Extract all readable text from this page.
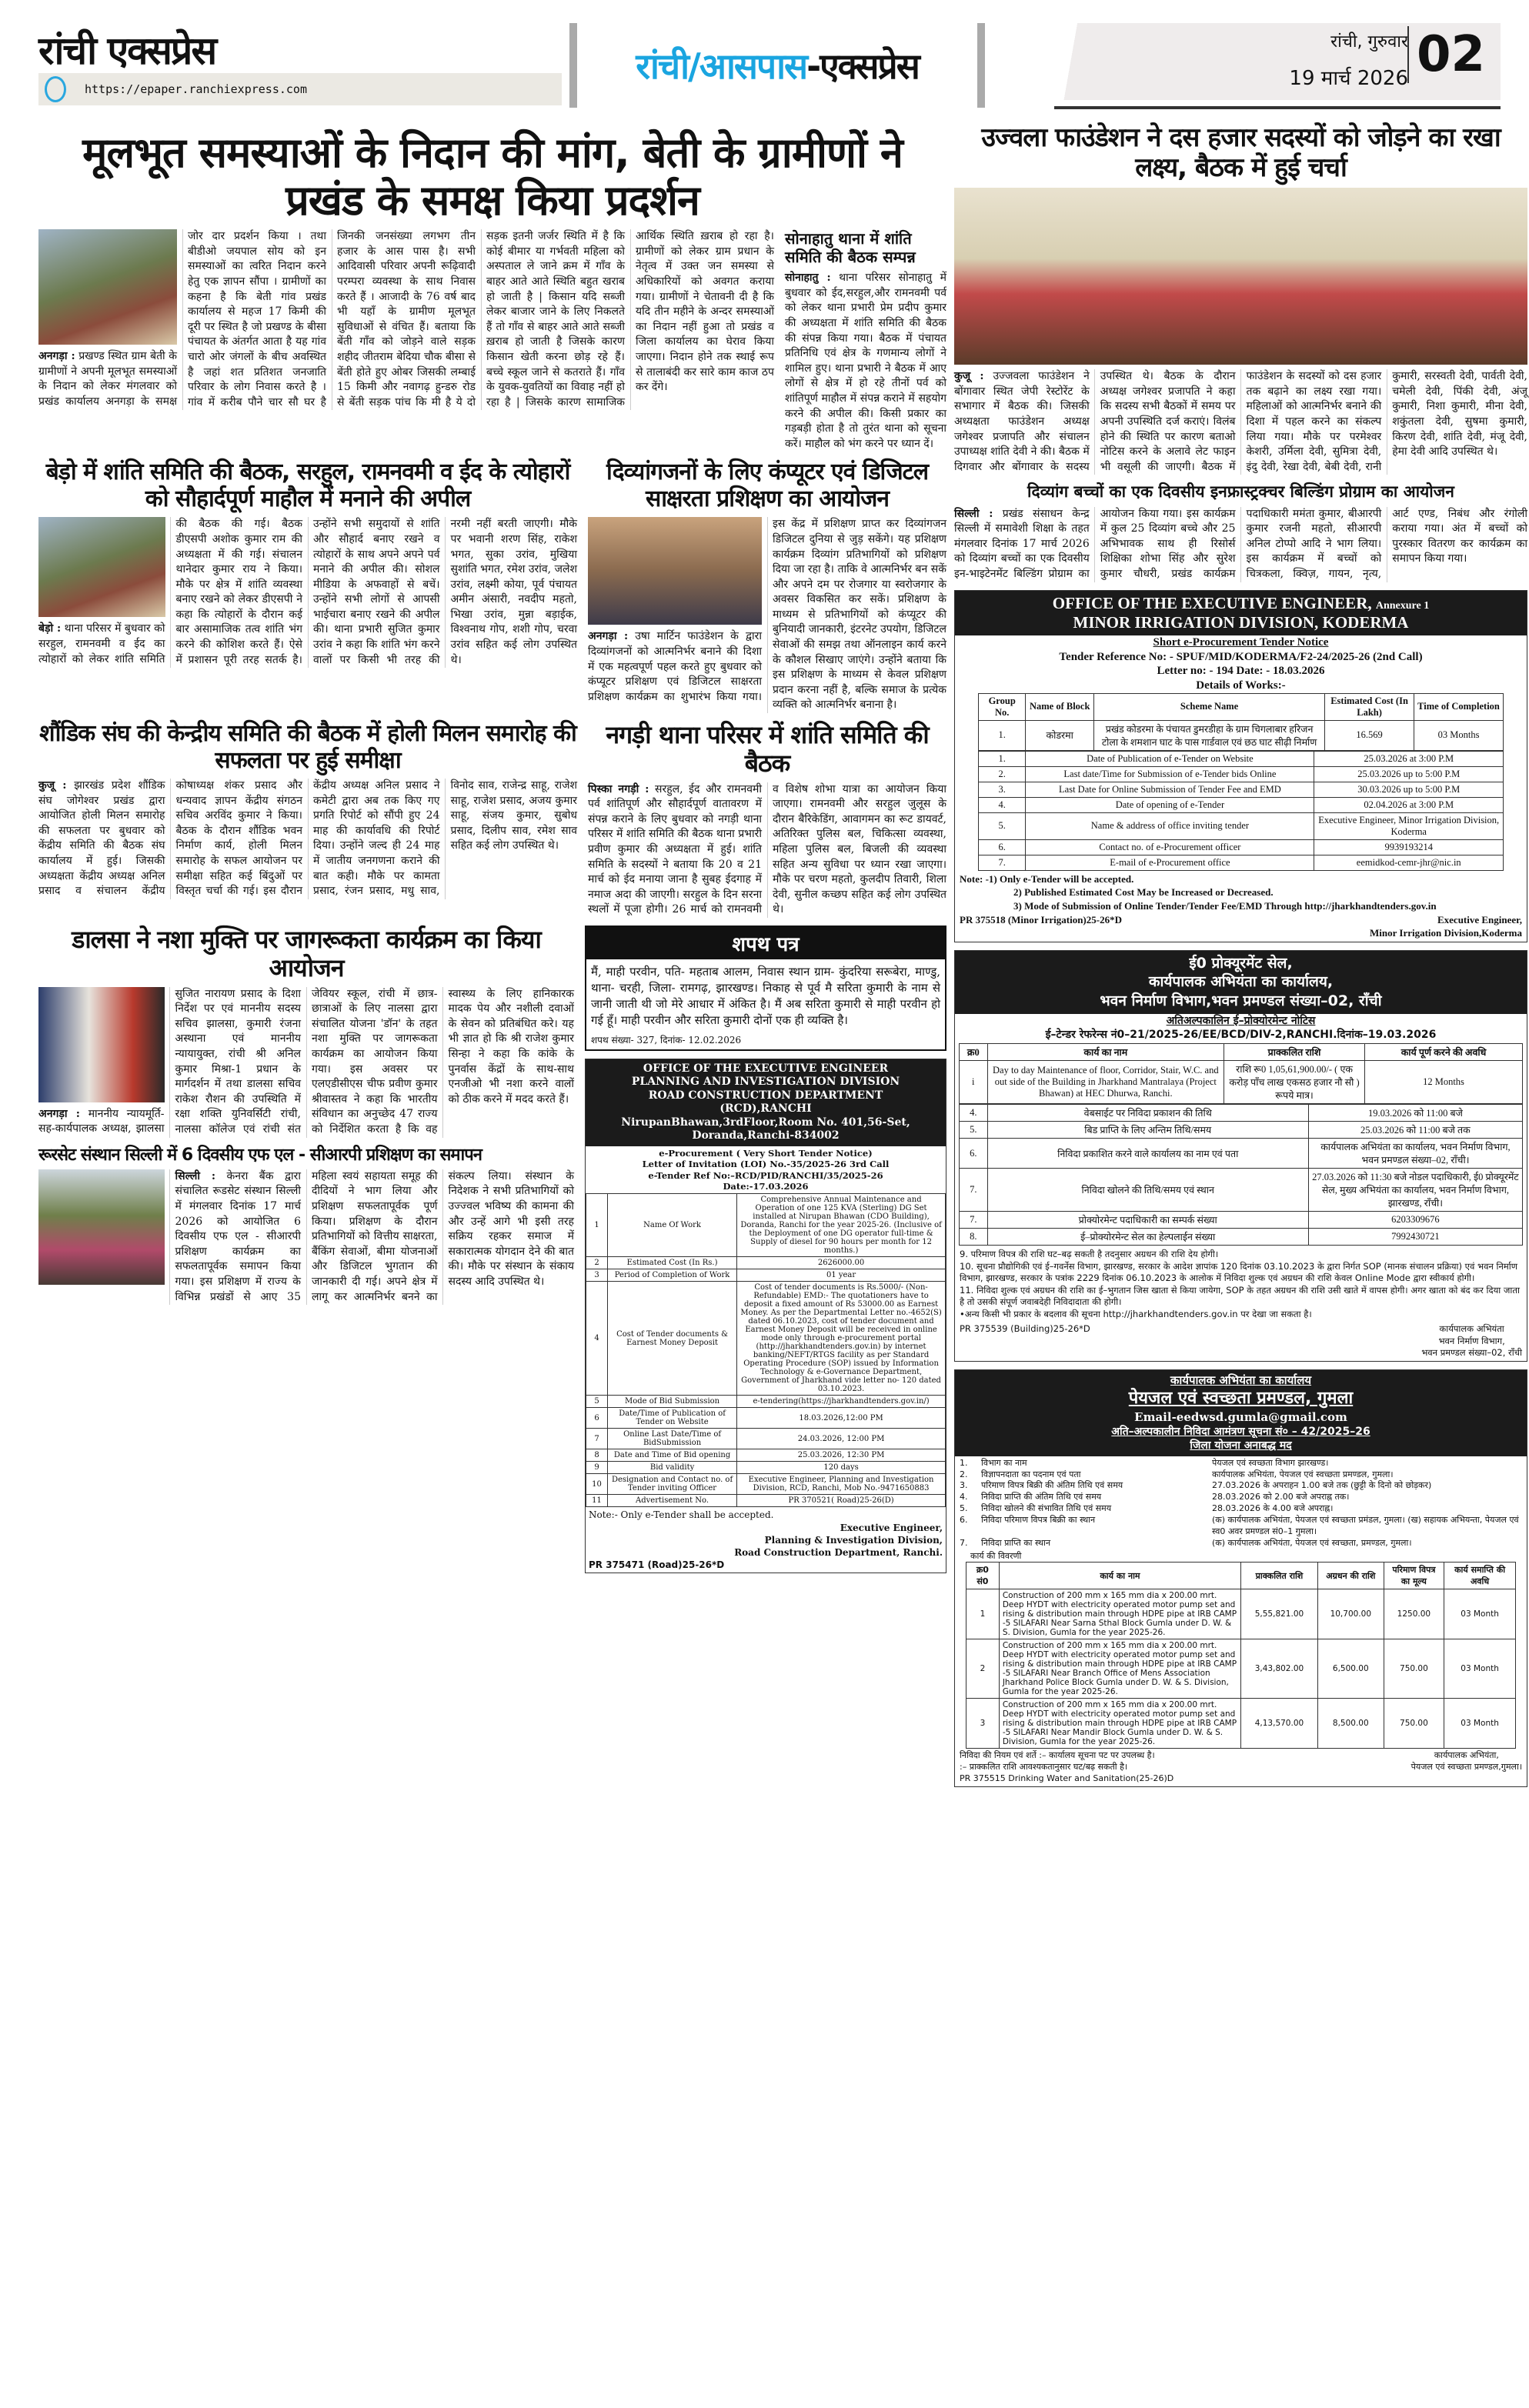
रांची एक्सप्रेस
https://epaper.ranchiexpress.com
रांची/आसपास -एक्सप्रेस
रांची, गुरुवार
19 मार्च 2026 02
मूलभूत समस्याओं के निदान की मांग, बेती के ग्रामीणों ने प्रखंड के समक्ष किया प्रदर्शन

अनगड़ा : प्रखण्ड स्थित ग्राम बेती के ग्रामीणों ने अपनी मूलभूत समस्याओं के निदान को लेकर मंगलवार को प्रखंड कार्यालय अनगड़ा के समक्ष जोर दार प्रदर्शन किया । तथा बीडीओ जयपाल सोय को इन समस्याओं का त्वरित निदान करने हेतु एक ज्ञापन सौंपा । ग्रामीणों का कहना है कि बेती गांव प्रखंड कार्यालय से महज 17 किमी की दूरी पर स्थित है जो प्रखण्ड के बीसा पंचायत के अंतर्गत आता है यह गांव चारो ओर जंगलों के बीच अवस्थित है जहां शत प्रतिशत जनजाति परिवार के लोग निवास करते है । गांव में करीब पौने चार सौ घर है जिनकी जनसंख्या लगभग तीन हजार के आस पास है। सभी आदिवासी परिवार अपनी रूढ़िवादी परम्परा व्यवस्था के साथ निवास करते हैं । आजादी के 76 वर्ष बाद भी यहाँ के ग्रामीण मूलभूत सुविधाओं से वंचित हैं। बताया कि बेंती गाँव को जोड़ने वाले सड़क शहीद जीतराम बेदिया चौक बीसा से बेंती होते हुए ओबर जिसकी लम्बाई 15 किमी और नवागढ़ हुन्डरु रोड से बेंती सड़क पांच कि मी है ये दो सड़क इतनी जर्जर स्थिति में है कि कोई बीमार या गर्भवती महिला को अस्पताल ले जाने क्रम में गाँव के बाहर आते आते स्थिति बहुत खराब हो जाती है | किसान यदि सब्जी लेकर बाजार जाने के लिए निकलते हैं तो गाँव से बाहर आते आते सब्जी ख़राब हो जाती है जिसके कारण किसान खेती करना छोड़ रहे हैं। बच्चे स्कूल जाने से कतराते हैं। गाँव के युवक-युवतियों का विवाह नहीं हो रहा है | जिसके कारण सामाजिक आर्थिक स्थिति ख़राब हो रहा है। ग्रामीणों को लेकर ग्राम प्रधान के नेतृत्व में उक्त जन समस्या से अधिकारियों को अवगत कराया गया। ग्रामीणों ने चेतावनी दी है कि यदि तीन महीने के अन्दर समस्याओं का निदान नहीं हुआ तो प्रखंड व जिला कार्यालय का घेराव किया जाएगा। निदान होने तक स्थाई रूप से तालाबंदी कर सारे काम काज ठप कर देंगे।

सोनाहातु थाना में शांति समिति की बैठक सम्पन्न

सोनाहातु : थाना परिसर सोनाहातु में बुधवार को ईद,सरहुल,और रामनवमी पर्व को लेकर थाना प्रभारी प्रेम प्रदीप कुमार की अध्यक्षता में शांति समिति की बैठक की संपन्न किया गया। बैठक में पंचायत प्रतिनिधि एवं क्षेत्र के गणमान्य लोगों ने शामिल हुए। थाना प्रभारी ने बैठक में आए लोगों से क्षेत्र में हो रहे तीनों पर्व को शांतिपूर्ण माहौल में संपन्न कराने में सहयोग करने की अपील की। किसी प्रकार का गड़बड़ी होता है तो तुरंत थाना को सूचना करें। माहौल को भंग करने पर ध्यान दें।

बेड़ो में शांति समिति की बैठक, सरहुल, रामनवमी व ईद के त्योहारों को सौहार्दपूर्ण माहौल में मनाने की अपील

बेड़ो : थाना परिसर में बुधवार को सरहुल, रामनवमी व ईद का त्योहारों को लेकर शांति समिति की बैठक की गई। बैठक डीएसपी अशोक कुमार राम की अध्यक्षता में की गई। संचालन थानेदार कुमार राय ने किया। मौके पर क्षेत्र में शांति व्यवस्था बनाए रखने को लेकर डीएसपी ने कहा कि त्योहारों के दौरान कई बार असामाजिक तत्व शांति भंग करने की कोशिश करते हैं। ऐसे में प्रशासन पूरी तरह सतर्क है। उन्होंने सभी समुदायों से शांति और सौहार्द बनाए रखने व त्योहारों के साथ अपने अपने पर्व मनाने की अपील की। सोशल मीडिया के अफवाहों से बचें। उन्होंने सभी लोगों से आपसी भाईचारा बनाए रखने की अपील की। थाना प्रभारी सुजित कुमार उरांव ने कहा कि शांति भंग करने वालों पर किसी भी तरह की नरमी नहीं बरती जाएगी। मौके पर भवानी शरण सिंह, राकेश भगत, सुका उरांव, मुखिया सुशांति भगत, रमेश उरांव, जलेश उरांव, लक्ष्मी कोया, पूर्व पंचायत अमीन अंसारी, नवदीप महतो, भिखा उरांव, मुन्ना बड़ाईक, विश्वनाथ गोप, शशी गोप, चरवा उरांव सहित कई लोग उपस्थित थे।

दिव्यांगजनों के लिए कंप्यूटर एवं डिजिटल साक्षरता प्रशिक्षण का आयोजन

अनगड़ा : उषा मार्टिन फाउंडेशन के द्वारा दिव्यांगजनों को आत्मनिर्भर बनाने की दिशा में एक महत्वपूर्ण पहल करते हुए बुधवार को कंप्यूटर प्रशिक्षण एवं डिजिटल साक्षरता प्रशिक्षण कार्यक्रम का शुभारंभ किया गया। इस केंद्र में प्रशिक्षण प्राप्त कर दिव्यांगजन डिजिटल दुनिया से जुड़ सकेंगे। यह प्रशिक्षण कार्यक्रम दिव्यांग प्रतिभागियों को प्रशिक्षण दिया जा रहा है। ताकि वे आत्मनिर्भर बन सकें और अपने दम पर रोजगार या स्वरोजगार के अवसर विकसित कर सकें। प्रशिक्षण के माध्यम से प्रतिभागियों को कंप्यूटर की बुनियादी जानकारी, इंटरनेट उपयोग, डिजिटल सेवाओं की समझ तथा ऑनलाइन कार्य करने के कौशल सिखाए जाएंगे। उन्होंने बताया कि इस प्रशिक्षण के माध्यम से केवल प्रशिक्षण प्रदान करना नहीं है, बल्कि समाज के प्रत्येक व्यक्ति को आत्मनिर्भर बनाना है।

शौंडिक संघ की केन्द्रीय समिति की बैठक में होली मिलन समारोह की सफलता पर हुई समीक्षा

कुजू : झारखंड प्रदेश शौंडिक संघ जोगेश्वर प्रखंड द्वारा आयोजित होली मिलन समारोह की सफलता पर बुधवार को केंद्रीय समिति की बैठक संघ कार्यालय में हुई। जिसकी अध्यक्षता केंद्रीय अध्यक्ष अनिल प्रसाद व संचालन केंद्रीय कोषाध्यक्ष शंकर प्रसाद और धन्यवाद ज्ञापन केंद्रीय संगठन सचिव अरविंद कुमार ने किया। बैठक के दौरान शौंडिक भवन निर्माण कार्य, होली मिलन समारोह के सफल आयोजन पर समीक्षा सहित कई बिंदुओं पर विस्तृत चर्चा की गई। इस दौरान केंद्रीय अध्यक्ष अनिल प्रसाद ने कमेटी द्वारा अब तक किए गए प्रगति रिपोर्ट को सौंपी हुए 24 माह की कार्यावधि की रिपोर्ट दिया। उन्होंने जल्द ही 24 माह में जातीय जनगणना कराने की बात कही। मौके पर कामता प्रसाद, रंजन प्रसाद, मधु साव, विनोद साव, राजेन्द्र साहू, राजेश साहू, राजेश प्रसाद, अजय कुमार साहू, संजय कुमार, सुबोध प्रसाद, दिलीप साव, रमेश साव सहित कई लोग उपस्थित थे।

नगड़ी थाना परिसर में शांति समिति की बैठक

पिस्का नगड़ी : सरहुल, ईद और रामनवमी पर्व शांतिपूर्ण और सौहार्दपूर्ण वातावरण में संपन्न कराने के लिए बुधवार को नगड़ी थाना परिसर में शांति समिति की बैठक थाना प्रभारी प्रवीण कुमार की अध्यक्षता में हुई। शांति समिति के सदस्यों ने बताया कि 20 व 21 मार्च को ईद मनाया जाना है सुबह ईदगाह में नमाज अदा की जाएगी। सरहुल के दिन सरना स्थलों में पूजा होगी। 26 मार्च को रामनवमी व विशेष शोभा यात्रा का आयोजन किया जाएगा। रामनवमी और सरहुल जुलूस के दौरान बैरिकेडिंग, आवागमन का रूट डायवर्ट, अतिरिक्त पुलिस बल, चिकित्सा व्यवस्था, महिला पुलिस बल, बिजली की व्यवस्था सहित अन्य सुविधा पर ध्यान रखा जाएगा। मौके पर चरण महतो, कुलदीप तिवारी, शिला देवी, सुनील कच्छप सहित कई लोग उपस्थित थे।

डालसा ने नशा मुक्ति पर जागरूकता कार्यक्रम का किया आयोजन

अनगड़ा : माननीय न्यायमूर्ति-सह-कार्यपालक अध्यक्ष, झालसा सुजित नारायण प्रसाद के दिशा निर्देश पर एवं माननीय सदस्य सचिव झालसा, कुमारी रंजना अस्थाना एवं माननीय न्यायायुक्त, रांची श्री अनिल कुमार मिश्रा-1 प्रधान के मार्गदर्शन में तथा डालसा सचिव राकेश रौशन की उपस्थिति में रक्षा शक्ति युनिवर्सिटी रांची, नालसा कॉलेज एवं रांची संत जेवियर स्कूल, रांची में छात्र-छात्राओं के लिए नालसा द्वारा संचालित योजना 'डॉन' के तहत नशा मुक्ति पर जागरूकता कार्यक्रम का आयोजन किया गया। इस अवसर पर एलएडीसीएस चीफ प्रवीण कुमार श्रीवास्तव ने कहा कि भारतीय संविधान का अनुच्छेद 47 राज्य को निर्देशित करता है कि वह स्वास्थ्य के लिए हानिकारक मादक पेय और नशीली दवाओं के सेवन को प्रतिबंधित करे। यह भी ज्ञात हो कि श्री राजेश कुमार सिन्हा ने कहा कि कांके के पुनर्वास केंद्रों के साथ-साथ एनजीओ भी नशा करने वालों को ठीक करने में मदद करते हैं।

रूरसेट संस्थान सिल्ली में 6 दिवसीय एफ एल - सीआरपी प्रशिक्षण का समापन

सिल्ली : केनरा बैंक द्वारा संचालित रूडसेट संस्थान सिल्ली में मंगलवार दिनांक 17 मार्च 2026 को आयोजित 6 दिवसीय एफ एल - सीआरपी प्रशिक्षण कार्यक्रम का सफलतापूर्वक समापन किया गया। इस प्रशिक्षण में राज्य के विभिन्न प्रखंडों से आए 35 महिला स्वयं सहायता समूह की दीदियों ने भाग लिया और प्रशिक्षण सफलतापूर्वक पूर्ण किया। प्रशिक्षण के दौरान प्रतिभागियों को वित्तीय साक्षरता, बैंकिंग सेवाओं, बीमा योजनाओं और डिजिटल भुगतान की जानकारी दी गई। अपने क्षेत्र में लागू कर आत्मनिर्भर बनने का संकल्प लिया। संस्थान के निदेशक ने सभी प्रतिभागियों को उज्ज्वल भविष्य की कामना की और उन्हें आगे भी इसी तरह सक्रिय रहकर समाज में सकारात्मक योगदान देने की बात की। मौके पर संस्थान के संकाय सदस्य आदि उपस्थित थे।

शपथ पत्र
मैं, माही परवीन, पति- महताब आलम, निवास स्थान ग्राम- कुंदरिया सरूबेरा, माण्डु, थाना- चरही, जिला- रामगढ़, झारखण्ड। निकाह से पूर्व मै सरिता कुमारी के नाम से जानी जाती थी जो मेरे आधार में अंकित है। मैं अब सरिता कुमारी से माही परवीन हो गई हूँ। माही परवीन और सरिता कुमारी दोनों एक ही व्यक्ति है।
शपथ संख्या- 327, दिनांक- 12.02.2026
OFFICE OF THE EXECUTIVE ENGINEER
PLANNING AND INVESTIGATION DIVISION
ROAD CONSTRUCTION DEPARTMENT
(RCD),RANCHI
NirupanBhawan,3rdFloor,Room No. 401,56-Set,
Doranda,Ranchi-834002
e-Procurement ( Very Short Tender Notice)
Letter of Invitation (LOI) No.-35/2025-26 3rd Call
e-Tender Ref No:–RCD/PID/RANCHI/35/2025-26
Date:-17.03.2026
1	Name Of Work	Comprehensive Annual Maintenance and Operation of one 125 KVA (Sterling) DG Set installed at Nirupan Bhawan (CDO Building), Doranda, Ranchi for the year 2025-26. (Inclusive of the Deployment of one DG operator full-time & Supply of diesel for 90 hours per month for 12 months.)
2	Estimated Cost (In Rs.)	2626000.00
3	Period of Completion of Work	01 year
4	Cost of Tender documents & Earnest Money Deposit	Cost of tender documents is Rs.5000/- (Non-Refundable) EMD:- The quotationers have to deposit a fixed amount of Rs 53000.00 as Earnest Money. As per the Departmental Letter no.-4652(S) dated 06.10.2023, cost of tender document and Earnest Money Deposit will be received in online mode only through e-procurement portal (http://jharkhandtenders.gov.in) by internet banking/NEFT/RTGS facility as per Standard Operating Procedure (SOP) issued by Information Technology & e-Governance Department, Government of Jharkhand vide letter no- 120 dated 03.10.2023.
5	Mode of Bid Submission	e-tendering(https://jharkhandtenders.gov.in/)
6	Date/Time of Publication of Tender on Website	18.03.2026,12:00 PM
7	Online Last Date/Time of BidSubmission	24.03.2026, 12:00 PM
8	Date and Time of Bid opening	25.03.2026, 12:30 PM
9	Bid validity	120 days
10	Designation and Contact no. of Tender inviting Officer	Executive Engineer, Planning and Investigation Division, RCD, Ranchi, Mob No.-9471650883
11	Advertisement No.	PR 370521( Road)25-26(D)
Note:- Only e-Tender shall be accepted.
Executive Engineer,
Planning & Investigation Division,
Road Construction Department, Ranchi.
PR 375471 (Road)25-26*D
उज्वला फाउंडेशन ने दस हजार सदस्यों को जोड़ने का रखा लक्ष्य, बैठक में हुई चर्चा

कुजू : उज्जवला फाउंडेशन ने बोंगावार स्थित जेपी रेस्टोरेंट के सभागार में बैठक की। जिसकी अध्यक्षता फाउंडेशन अध्यक्ष जगेश्वर प्रजापति और संचालन उपाध्यक्ष शांति देवी ने की। बैठक में दिगवार और बोंगावार के सदस्य उपस्थित थे। बैठक के दौरान अध्यक्ष जगेश्वर प्रजापति ने कहा कि सदस्य सभी बैठकों में समय पर अपनी उपस्थिति दर्ज कराएं। विलंब होने की स्थिति पर कारण बताओ नोटिस करने के अलावे लेट फाइन भी वसूली की जाएगी। बैठक में फाउंडेशन के सदस्यों को दस हजार तक बढ़ाने का लक्ष्य रखा गया। महिलाओं को आत्मनिर्भर बनाने की दिशा में पहल करने का संकल्प लिया गया। मौके पर परमेश्वर केशरी, उर्मिला देवी, सुमित्रा देवी, इंदु देवी, रेखा देवी, बेबी देवी, रानी कुमारी, सरस्वती देवी, पार्वती देवी, चमेली देवी, पिंकी देवी, अंजू कुमारी, निशा कुमारी, मीना देवी, शकुंतला देवी, सुषमा कुमारी, किरण देवी, शांति देवी, मंजू देवी, हेमा देवी आदि उपस्थित थे।

दिव्यांग बच्चों का एक दिवसीय इनफ्रास्ट्रक्चर बिल्डिंग प्रोग्राम का आयोजन

सिल्ली : प्रखंड संसाधन केन्द्र सिल्ली में समावेशी शिक्षा के तहत मंगलवार दिनांक 17 मार्च 2026 को दिव्यांग बच्चों का एक दिवसीय इन-भाइटेनमेंट बिल्डिंग प्रोग्राम का आयोजन किया गया। इस कार्यक्रम में कुल 25 दिव्यांग बच्चे और 25 अभिभावक साथ ही रिसोर्स शिक्षिका शोभा सिंह और सुरेश कुमार चौधरी, प्रखंड कार्यक्रम पदाधिकारी ममंता कुमार, बीआरपी कुमार रजनी महतो, सीआरपी अनिल टोप्पो आदि ने भाग लिया। इस कार्यक्रम में बच्चों को चित्रकला, क्विज़, गायन, नृत्य, आर्ट एण्ड, निबंध और रंगोली कराया गया। अंत में बच्चों को पुरस्कार वितरण कर कार्यक्रम का समापन किया गया।

OFFICE OF THE EXECUTIVE ENGINEER, Annexure 1
MINOR IRRIGATION DIVISION, KODERMA
Short e-Procurement Tender Notice
Tender Reference No: - SPUF/MID/KODERMA/F2-24/2025-26 (2nd Call)
Letter no: - 194 Date: - 18.03.2026
Details of Works:-
Group No.	Name of Block	Scheme Name	Estimated Cost (In Lakh)	Time of Completion
1.	कोडरमा	प्रखंड कोडरमा के पंचायत डुमरडीहा के ग्राम चिगलाबार हरिजन टोला के शमशान घाट के पास गार्डवाल एवं छठ घाट सीढ़ी निर्माण	16.569	03 Months
1.	Date of Publication of e-Tender on Website	25.03.2026 at 3:00 P.M
2.	Last date/Time for Submission of e-Tender bids Online	25.03.2026 up to 5:00 P.M
3.	Last Date for Online Submission of Tender Fee and EMD	30.03.2026 up to 5:00 P.M
4.	Date of opening of e-Tender	02.04.2026 at 3:00 P.M
5.	Name & address of office inviting tender	Executive Engineer, Minor Irrigation Division, Koderma
6.	Contact no. of e-Procurement officer	9939193214
7.	E-mail of e-Procurement office	eemidkod-cemr-jhr@nic.in
Note: -1) Only e-Tender will be accepted.
2) Published Estimated Cost May be Increased or Decreased.
3) Mode of Submission of Online Tender/Tender Fee/EMD Through http://jharkhandtenders.gov.in
PR 375518 (Minor Irrigation)25-26*D	Executive Engineer,
Minor Irrigation Division,Koderma
ई0 प्रोक्यूरमेंट सेल,
कार्यपालक अभियंता का कार्यालय,
भवन निर्माण विभाग,भवन प्रमण्डल संख्या–02, रॉंची
अतिअल्पकालिन ई–प्रोक्योरमेन्ट नोटिस
ई–टेन्डर रेफरेन्स नं0–21/2025-26/EE/BCD/DIV-2,RANCHI.दिनांक–19.03.2026
क्र0	कार्य का नाम	प्राक्कलित राशि	कार्य पूर्ण करने की अवधि
i	Day to day Maintenance of floor, Corridor, Stair, W.C. and out side of the Building in Jharkhand Mantralaya (Project Bhawan) at HEC Dhurwa, Ranchi.	राशि रू0 1,05,61,900.00/- ( एक करोड़ पाँच लाख एकसठ हजार नौ सौ ) रूपये मात्र।	12 Months
4.	वेबसाईट पर निविदा प्रकाशन की तिथि	19.03.2026 को 11:00 बजे
5.	बिड प्राप्ति के लिए अन्तिम तिथि/समय	25.03.2026 को 11:00 बजे तक
6.	निविदा प्रकाशित करने वाले कार्यालय का नाम एवं पता	कार्यपालक अभियंता का कार्यालय, भवन निर्माण विभाग, भवन प्रमण्डल संख्या–02, रॉंची।
7.	निविदा खोलने की तिथि/समय एवं स्थान	27.03.2026 को 11:30 बजे नोडल पदाधिकारी, ई0 प्रोक्यूरमेंट सेल, मुख्य अभियंता का कार्यालय, भवन निर्माण विभाग, झारखण्ड, रॉंची।
7.	प्रोक्योरमेन्ट पदाधिकारी का सम्पर्क संख्या	6203309676
8.	ई–प्रोक्योरमेन्ट सेल का हेल्पलाईन संख्या	7992430721
9. परिमाण विपत्र की राशि घट–बढ़ सकती है तदनुसार अग्रधन की राशि देय होगी।
10. सूचना प्रौद्योगिकी एवं ई–गवर्नेस विभाग, झारखण्ड, सरकार के आदेश ज्ञापांक 120 दिनांक 03.10.2023 के द्वारा निर्गत SOP (मानक संचालन प्रक्रिया) एवं भवन निर्माण विभाग, झारखण्ड, सरकार के पत्रांक 2229 दिनांक 06.10.2023 के आलोक में निविदा शुल्क एवं अग्रधन की राशि केवल Online Mode द्वारा स्वीकार्य होगी।
11. निविदा शुल्क एवं अग्रधन की राशि का ई–भुगतान जिस खाता से किया जायेगा, SOP के तहत अग्रधन की राशि उसी खाते में वापस होगी। अगर खाता को बंद कर दिया जाता है तो उसकी संपूर्ण जवाबदेही निविदादाता की होगी।
•अन्य किसी भी प्रकार के बदलाव की सूचना http://jharkhandtenders.gov.in पर देखा जा सकता है।
PR 375539 (Building)25-26*D	कार्यपालक अभियंता
भवन निर्माण विभाग,
भवन प्रमण्डल संख्या–02, रॉंची
कार्यपालक अभियंता का कार्यालय
पेयजल एवं स्वच्छता प्रमण्डल, गुमला
Email-eedwsd.gumla@gmail.com
अति–अल्पकालीन निविदा आमंत्रण सूचना सं० – 42/2025–26
जिला योजना अनाबद्ध मद
1.	विभाग का नाम	पेयजल एवं स्वच्छता विभाग झारखण्ड।
2.	विज्ञापनदाता का पदनाम एवं पता	कार्यपालक अभियंता, पेयजल एवं स्वच्छता प्रमण्डल, गुमला।
3.	परिमाण विपत्र बिक्री की अंतिम तिथि एवं समय	27.03.2026 के अपराहन 1.00 बजे तक (छुट्टी के दिनो को छोड़कर)
4.	निविदा प्राप्ति की अंतिम तिथि एवं समय	28.03.2026 को 2.00 बजे अपराह्न तक।
5.	निविदा खोलने की संभावित तिथि एवं समय	28.03.2026 के 4.00 बजे अपराह्न।
6.	निविदा परिमाण विपत्र बिक्री का स्थान	(क) कार्यपालक अभियंता, पेयजल एवं स्वच्छता प्रमंडल, गुमला। (ख) सहायक अभियन्ता, पेयजल एवं स्व0 अवर प्रमण्डल सं0–1 गुमला।
7.	निविदा प्राप्ति का स्थान	(क) कार्यपालक अभियंता, पेयजल एवं स्वच्छता, प्रमण्डल, गुमला।
कार्य की विवरणी
क्र0 सं0	कार्य का नाम	प्राक्कलित राशि	अग्रधन की राशि	परिमाण विपत्र का मूल्य	कार्य समाप्ति की अवधि
1	Construction of 200 mm x 165 mm dia x 200.00 mrt. Deep HYDT with electricity operated motor pump set and rising & distribution main through HDPE pipe at IRB CAMP -5 SILAFARI Near Sarna Sthal Block Gumla under D. W. & S. Division, Gumla for the year 2025-26.	5,55,821.00	10,700.00	1250.00	03 Month
2	Construction of 200 mm x 165 mm dia x 200.00 mrt. Deep HYDT with electricity operated motor pump set and rising & distribution main through HDPE pipe at IRB CAMP -5 SILAFARI Near Branch Office of Mens Association Jharkhand Police Block Gumla under D. W. & S. Division, Gumla for the year 2025-26.	3,43,802.00	6,500.00	750.00	03 Month
3	Construction of 200 mm x 165 mm dia x 200.00 mrt. Deep HYDT with electricity operated motor pump set and rising & distribution main through HDPE pipe at IRB CAMP -5 SILAFARI Near Mandir Block Gumla under D. W. & S. Division, Gumla for the year 2025-26.	4,13,570.00	8,500.00	750.00	03 Month
निविदा की नियम एवं शर्ते :– कार्यालय सूचना पट पर उपलब्ध है।
:– प्राक्कलित राशि आवश्यकतानुसार घट/बढ़ सकती है।
PR 375515 Drinking Water and Sanitation(25-26)D
कार्यपालक अभियंता,
पेयजल एवं स्वच्छता प्रमण्डल,गुमला।
